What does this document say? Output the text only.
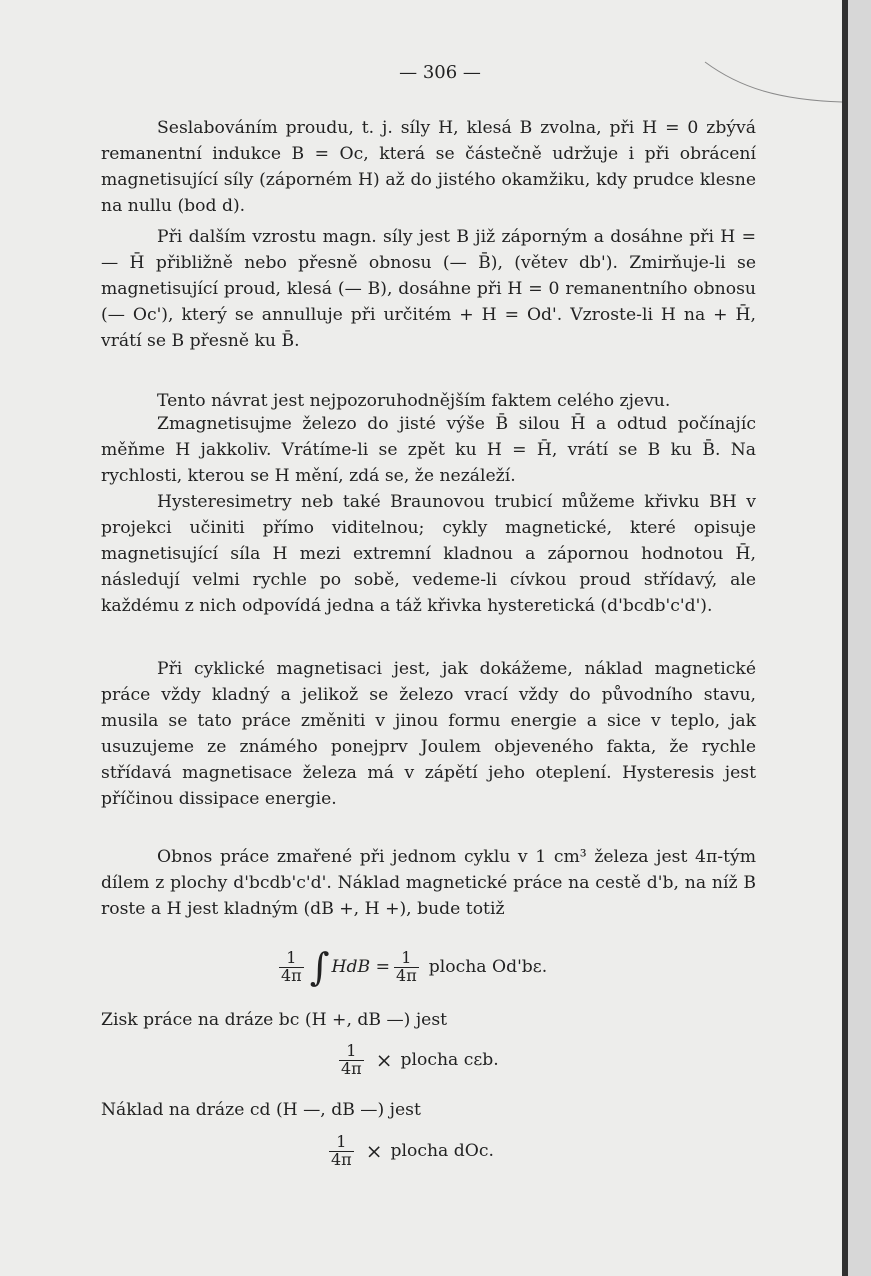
— 306 —

Seslabováním proudu, t. j. síly H, klesá B zvolna, při H = 0 zbývá remanentní indukce B = Oc, která se částečně udržuje i při obrácení magnetisující síly (záporném H) až do jistého okamžiku, kdy prudce klesne na nullu (bod d).

Při dalším vzrostu magn. síly jest B již záporným a dosáhne při H = — H̄ přibližně nebo přesně obnosu (— B̄), (větev db'). Zmirňuje-li se magnetisující proud, klesá (— B), dosáhne při H = 0 remanentního obnosu (— Oc'), který se annulluje při určitém + H = Od'. Vzroste-li H na + H̄, vrátí se B přesně ku B̄.

Tento návrat jest nejpozoruhodnějším faktem celého zjevu.

Zmagnetisujme železo do jisté výše B̄ silou H̄ a odtud počínajíc měňme H jakkoliv. Vrátíme-li se zpět ku H = H̄, vrátí se B ku B̄. Na rychlosti, kterou se H mění, zdá se, že nezáleží.

Hysteresimetry neb také Braunovou trubicí můžeme křivku BH v projekci učiniti přímo viditelnou; cykly magnetické, které opisuje magnetisující síla H mezi extremní kladnou a zápornou hodnotou H̄, následují velmi rychle po sobě, vedeme-li cívkou proud střídavý, ale každému z nich odpovídá jedna a táž křivka hysteretická (d'bcdb'c'd').

Při cyklické magnetisaci jest, jak dokážeme, náklad magnetické práce vždy kladný a jelikož se železo vrací vždy do původního stavu, musila se tato práce změniti v jinou formu energie a sice v teplo, jak usuzujeme ze známého ponejprv Joulem objeveného fakta, že rychle střídavá magnetisace železa má v zápětí jeho oteplení. Hysteresis jest příčinou dissipace energie.

Obnos práce zmařené při jednom cyklu v 1 cm³ železa jest 4π-tým dílem z plochy d'bcdb'c'd'. Náklad magnetické práce na cestě d'b, na níž B roste a H jest kladným (dB +, H +), bude totiž

$\frac{1}{4\pi}$ ∫ HdB = $\frac{1}{4\pi}$ plocha Od'bε.
Zisk práce na dráze bc (H +, dB —) jest
$\frac{1}{4\pi}$ × plocha cεb.
Náklad na dráze cd (H —, dB —) jest
$\frac{1}{4\pi}$ × plocha dOc.
